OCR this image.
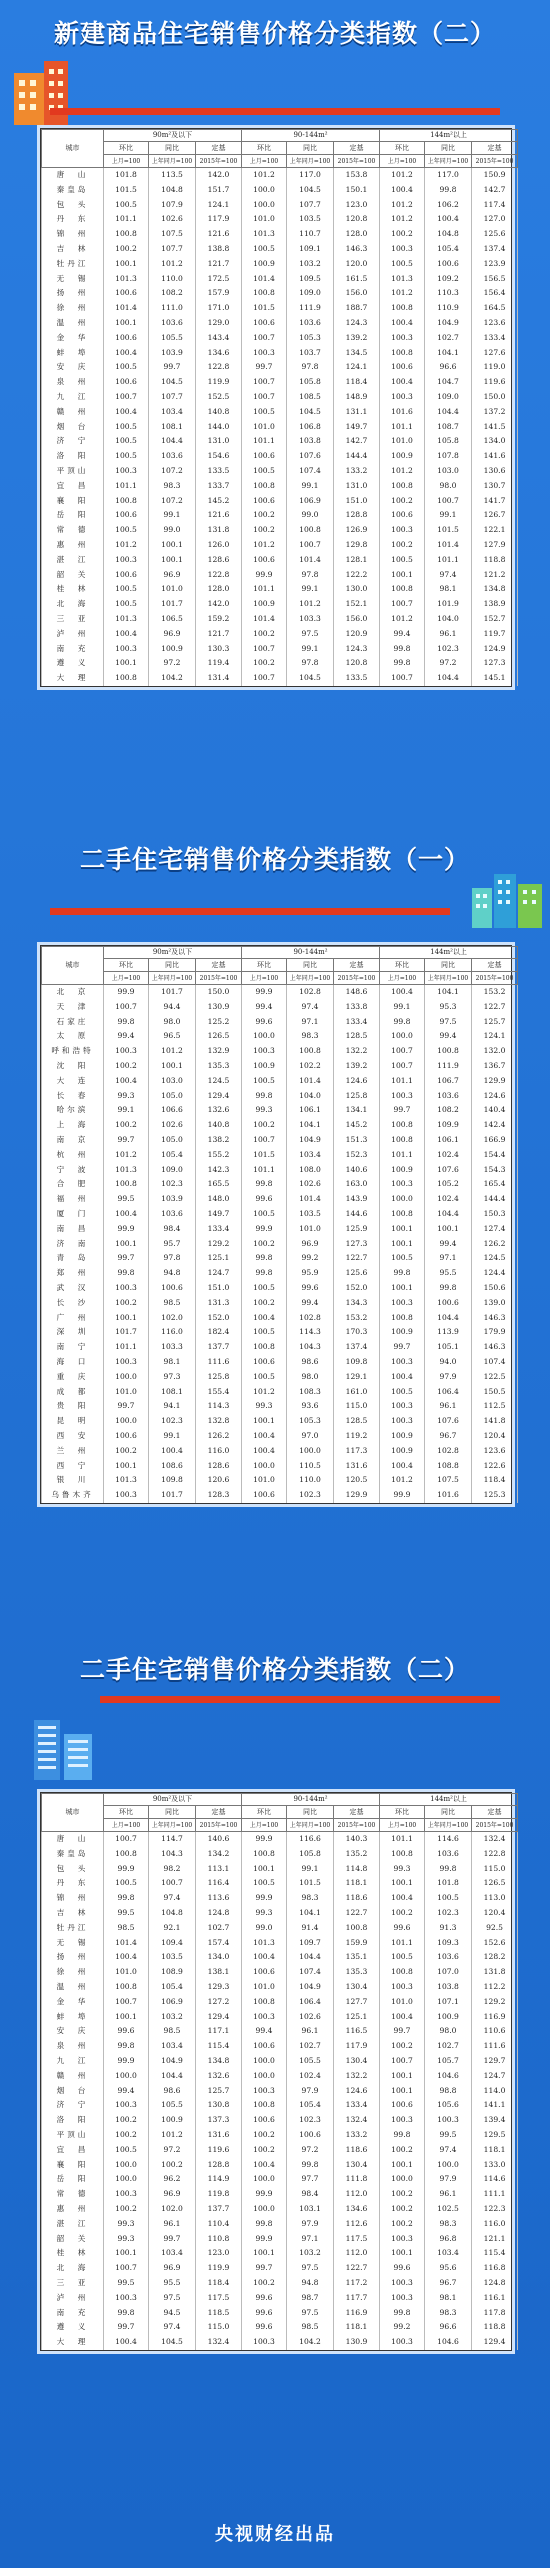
新建商品住宅销售价格分类指数（二）
城市	90m²及以下			90-144m²			144m²以上		
	环比	同比	定基	环比	同比	定基	环比	同比	定基
	上月=100	上年同月=100	2015年=100	上月=100	上年同月=100	2015年=100	上月=100	上年同月=100	2015年=100
唐　山	101.8	113.5	142.0	101.2	117.0	153.8	101.2	117.0	150.9
秦皇岛	101.5	104.8	151.7	100.0	104.5	150.1	100.4	99.8	142.7
包　头	100.5	107.9	124.1	100.0	107.7	123.0	101.2	106.2	117.4
丹　东	101.1	102.6	117.9	101.0	103.5	120.8	101.2	100.4	127.0
锦　州	100.8	107.5	121.6	101.3	110.7	128.0	100.2	104.8	125.6
吉　林	100.2	107.7	138.8	100.5	109.1	146.3	100.3	105.4	137.4
牡丹江	100.1	101.2	121.7	100.9	103.2	120.0	100.5	100.6	123.9
无　锡	101.3	110.0	172.5	101.4	109.5	161.5	101.3	109.2	156.5
扬　州	100.6	108.2	157.9	100.8	109.0	156.0	101.2	110.3	156.4
徐　州	101.4	111.0	171.0	101.5	111.9	188.7	100.8	110.9	164.5
温　州	100.1	103.6	129.0	100.6	103.6	124.3	100.4	104.9	123.6
金　华	100.6	105.5	143.4	100.7	105.3	139.2	100.3	102.7	133.4
蚌　埠	100.4	103.9	134.6	100.3	103.7	134.5	100.8	104.1	127.6
安　庆	100.5	99.7	122.8	99.7	97.8	124.1	100.6	96.6	119.0
泉　州	100.6	104.5	119.9	100.7	105.8	118.4	100.4	104.7	119.6
九　江	100.7	107.7	152.5	100.7	108.5	148.9	100.3	109.0	150.0
赣　州	100.4	103.4	140.8	100.5	104.5	131.1	101.6	104.4	137.2
烟　台	100.5	108.1	144.0	101.0	106.8	149.7	101.1	108.7	141.5
济　宁	100.5	104.4	131.0	101.1	103.8	142.7	101.0	105.8	134.0
洛　阳	100.5	103.6	154.6	100.6	107.6	144.4	100.9	107.8	141.6
平顶山	100.3	107.2	133.5	100.5	107.4	133.2	101.2	103.0	130.6
宜　昌	101.1	98.3	133.7	100.8	99.1	131.0	100.8	98.0	130.7
襄　阳	100.8	107.2	145.2	100.6	106.9	151.0	100.2	100.7	141.7
岳　阳	100.6	99.1	121.6	100.2	99.0	128.8	100.6	99.1	126.7
常　德	100.5	99.0	131.8	100.2	100.8	126.9	100.3	101.5	122.1
惠　州	101.2	100.1	126.0	101.2	100.7	129.8	100.2	101.4	127.9
湛　江	100.3	100.1	128.6	100.6	101.4	128.1	100.5	101.1	118.8
韶　关	100.6	96.9	122.8	99.9	97.8	122.2	100.1	97.4	121.2
桂　林	100.5	101.0	128.0	101.1	99.1	130.0	100.8	98.1	134.8
北　海	100.5	101.7	142.0	100.9	101.2	152.1	100.7	101.9	138.9
三　亚	101.3	106.5	159.2	101.4	103.3	156.0	101.2	104.0	152.7
泸　州	100.4	96.9	121.7	100.2	97.5	120.9	99.4	96.1	119.7
南　充	100.3	100.9	130.3	100.7	99.1	124.3	99.8	102.3	124.9
遵　义	100.1	97.2	119.4	100.2	97.8	120.8	99.8	97.2	127.3
大　理	100.8	104.2	131.4	100.7	104.5	133.5	100.7	104.4	145.1
二手住宅销售价格分类指数（一）
城市	90m²及以下			90-144m²			144m²以上		
	环比	同比	定基	环比	同比	定基	环比	同比	定基
	上月=100	上年同月=100	2015年=100	上月=100	上年同月=100	2015年=100	上月=100	上年同月=100	2015年=100
北　京	99.9	101.7	150.0	99.9	102.8	148.6	100.4	104.1	153.2
天　津	100.7	94.4	130.9	99.4	97.4	133.8	99.1	95.3	122.7
石家庄	99.8	98.0	125.2	99.6	97.1	133.4	99.8	97.5	125.7
太　原	99.4	96.5	126.5	100.0	98.3	128.5	100.0	99.4	124.1
呼和浩特	100.3	101.2	132.9	100.3	100.8	132.2	100.7	100.8	132.0
沈　阳	100.2	100.1	135.3	100.9	102.2	139.2	100.7	111.9	136.7
大　连	100.4	103.0	124.5	100.5	101.4	124.6	101.1	106.7	129.9
长　春	99.3	105.0	129.4	99.8	104.0	125.8	100.3	103.6	124.6
哈尔滨	99.1	106.6	132.6	99.3	106.1	134.1	99.7	108.2	140.4
上　海	100.2	102.6	140.8	100.2	104.1	145.2	100.8	109.9	142.4
南　京	99.7	105.0	138.2	100.7	104.9	151.3	100.8	106.1	166.9
杭　州	101.2	105.4	155.2	101.5	103.4	152.3	101.1	102.4	154.4
宁　波	101.3	109.0	142.3	101.1	108.0	140.6	100.9	107.6	154.3
合　肥	100.8	102.3	165.5	99.8	102.6	163.0	100.3	105.2	165.4
福　州	99.5	103.9	148.0	99.6	101.4	143.9	100.0	102.4	144.4
厦　门	100.4	103.6	149.7	100.5	103.5	144.6	100.8	104.4	150.3
南　昌	99.9	98.4	133.4	99.9	101.0	125.9	100.1	100.1	127.4
济　南	100.1	95.7	129.2	100.2	96.9	127.3	100.1	99.4	126.2
青　岛	99.7	97.8	125.1	99.8	99.2	122.7	100.5	97.1	124.5
郑　州	99.8	94.8	124.7	99.8	95.9	125.6	99.8	95.5	124.4
武　汉	100.3	100.6	151.0	100.5	99.6	152.0	100.1	99.8	150.6
长　沙	100.2	98.5	131.3	100.2	99.4	134.3	100.3	100.6	139.0
广　州	100.1	102.0	152.0	100.4	102.8	153.2	100.8	104.4	146.3
深　圳	101.7	116.0	182.4	100.5	114.3	170.3	100.9	113.9	179.9
南　宁	101.1	103.3	137.7	100.8	104.3	137.4	99.7	105.1	146.3
海　口	100.3	98.1	111.6	100.6	98.6	109.8	100.3	94.0	107.4
重　庆	100.0	97.3	125.8	100.5	98.0	129.1	100.4	97.9	122.5
成　都	101.0	108.1	155.4	101.2	108.3	161.0	100.5	106.4	150.5
贵　阳	99.7	94.1	114.3	99.3	93.6	115.0	100.3	96.1	112.5
昆　明	100.0	102.3	132.8	100.1	105.3	128.5	100.3	107.6	141.8
西　安	100.6	99.1	126.2	100.4	97.0	119.2	100.9	96.7	120.4
兰　州	100.2	100.4	116.0	100.4	100.0	117.3	100.9	102.8	123.6
西　宁	100.1	108.6	128.6	100.0	110.5	131.6	100.4	108.8	122.6
银　川	101.3	109.8	120.6	101.0	110.0	120.5	101.2	107.5	118.4
乌鲁木齐	100.3	101.7	128.3	100.6	102.3	129.9	99.9	101.6	125.3
二手住宅销售价格分类指数（二）
城市	90m²及以下			90-144m²			144m²以上		
	环比	同比	定基	环比	同比	定基	环比	同比	定基
	上月=100	上年同月=100	2015年=100	上月=100	上年同月=100	2015年=100	上月=100	上年同月=100	2015年=100
唐　山	100.7	114.7	140.6	99.9	116.6	140.3	101.1	114.6	132.4
秦皇岛	100.8	104.3	134.2	100.8	105.8	135.2	100.8	103.6	122.8
包　头	99.9	98.2	113.1	100.1	99.1	114.8	99.3	99.8	115.0
丹　东	100.5	100.7	116.4	100.5	101.5	118.1	100.1	101.8	126.5
锦　州	99.8	97.4	113.6	99.9	98.3	118.6	100.4	100.5	113.0
吉　林	99.5	104.8	124.8	99.3	104.1	122.7	100.2	102.3	120.4
牡丹江	98.5	92.1	102.7	99.0	91.4	100.8	99.6	91.3	92.5
无　锡	101.4	109.4	157.4	101.3	109.7	159.9	101.1	109.3	152.6
扬　州	100.4	103.5	134.0	100.4	104.4	135.1	100.5	103.6	128.2
徐　州	101.0	108.9	138.1	100.6	107.4	135.3	100.8	107.0	131.8
温　州	100.8	105.4	129.3	101.0	104.9	130.4	100.3	103.8	112.2
金　华	100.7	106.9	127.2	100.8	106.4	127.7	101.0	107.1	129.2
蚌　埠	100.1	103.2	129.4	100.3	102.6	125.1	100.4	100.9	116.9
安　庆	99.6	98.5	117.1	99.4	96.1	116.5	99.7	98.0	110.6
泉　州	99.8	103.4	115.4	100.6	102.7	117.9	100.2	102.7	111.6
九　江	99.9	104.9	134.8	100.0	105.5	130.4	100.7	105.7	129.7
赣　州	100.0	104.4	132.6	100.0	102.4	132.2	100.1	104.6	124.7
烟　台	99.4	98.6	125.7	100.3	97.9	124.6	100.1	98.8	114.0
济　宁	100.3	105.5	130.8	100.8	105.4	133.4	100.6	105.6	141.1
洛　阳	100.2	100.9	137.3	100.6	102.3	132.4	100.3	100.3	139.4
平顶山	100.2	101.2	131.6	100.2	100.6	133.2	99.8	99.5	129.5
宜　昌	100.5	97.2	119.6	100.2	97.2	118.6	100.2	97.4	118.1
襄　阳	100.0	100.2	128.8	100.4	99.8	130.4	100.1	100.0	133.0
岳　阳	100.0	96.2	114.9	100.0	97.7	111.8	100.0	97.9	114.6
常　德	100.3	96.9	119.8	99.9	98.4	112.0	100.2	96.1	111.1
惠　州	100.2	102.0	137.7	100.0	103.1	134.6	100.2	102.5	122.3
湛　江	99.3	96.1	110.4	99.8	97.9	112.6	100.2	98.3	116.0
韶　关	99.3	99.7	110.8	99.9	97.1	117.5	100.3	96.8	121.1
桂　林	100.1	103.4	123.0	100.1	103.2	112.0	100.1	103.4	115.4
北　海	100.7	96.9	119.9	99.7	97.5	122.7	99.6	95.6	116.8
三　亚	99.5	95.5	118.4	100.2	94.8	117.2	100.3	96.7	124.8
泸　州	100.3	97.5	117.5	99.6	98.7	117.7	100.3	98.1	116.1
南　充	99.8	94.5	118.5	99.6	97.5	116.9	99.8	98.3	117.8
遵　义	99.7	97.4	115.0	99.6	98.5	118.1	99.2	96.6	118.8
大　理	100.4	104.5	132.4	100.3	104.2	130.9	100.3	104.6	129.4
央视财经出品
